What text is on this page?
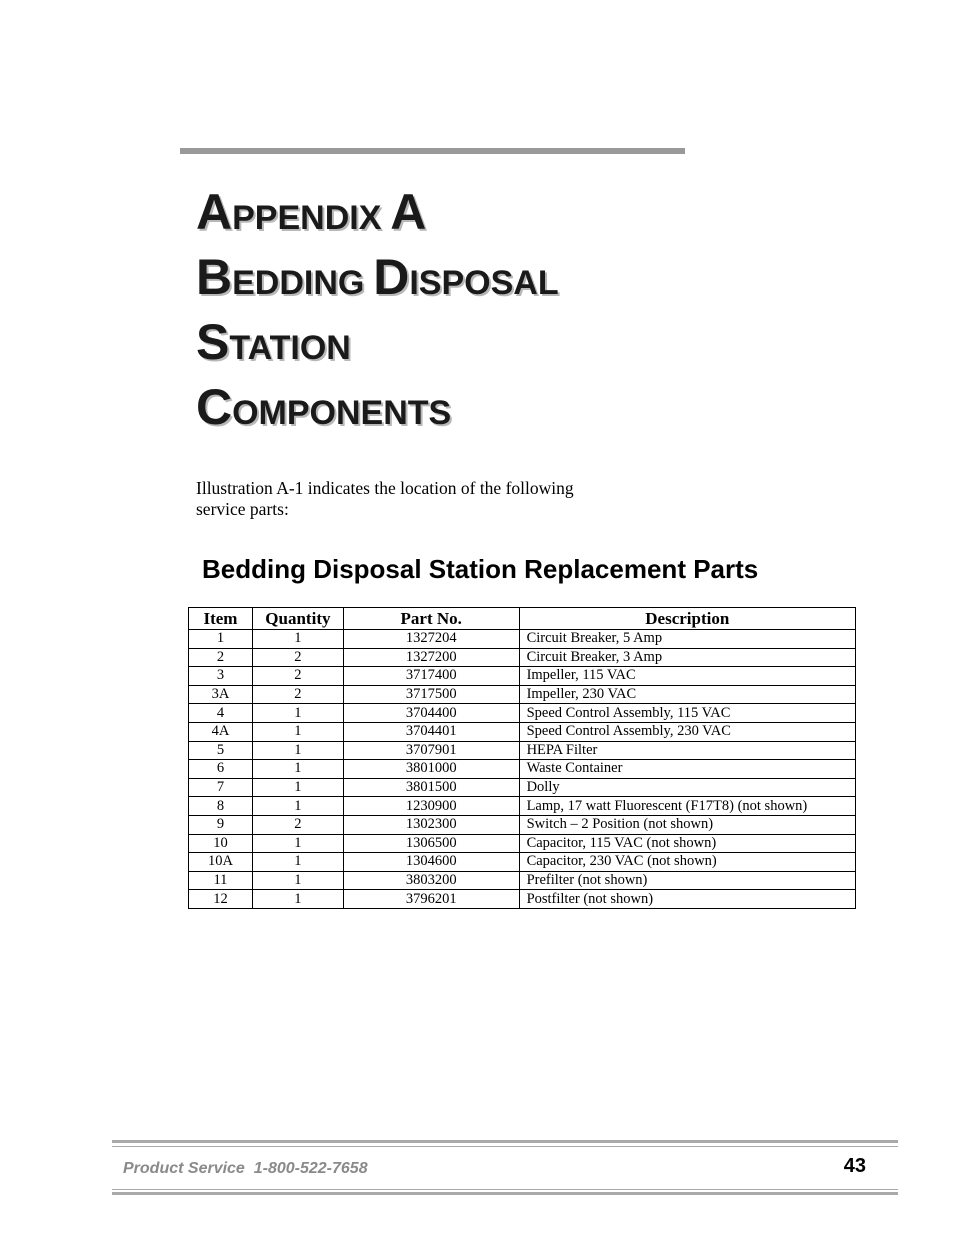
APPENDIX A
BEDDING DISPOSAL
STATION
COMPONENTS

Illustration A-1 indicates the location of the following service parts:

Bedding Disposal Station Replacement Parts
Item	Quantity	Part No.	Description
1	1	1327204	Circuit Breaker, 5 Amp
2	2	1327200	Circuit Breaker, 3 Amp
3	2	3717400	Impeller, 115 VAC
3A	2	3717500	Impeller, 230 VAC
4	1	3704400	Speed Control Assembly, 115 VAC
4A	1	3704401	Speed Control Assembly, 230 VAC
5	1	3707901	HEPA Filter
6	1	3801000	Waste Container
7	1	3801500	Dolly
8	1	1230900	Lamp, 17 watt Fluorescent (F17T8) (not shown)
9	2	1302300	Switch – 2 Position (not shown)
10	1	1306500	Capacitor, 115 VAC (not shown)
10A	1	1304600	Capacitor, 230 VAC (not shown)
11	1	3803200	Prefilter (not shown)
12	1	3796201	Postfilter (not shown)
Product Service  1-800-522-7658	43
